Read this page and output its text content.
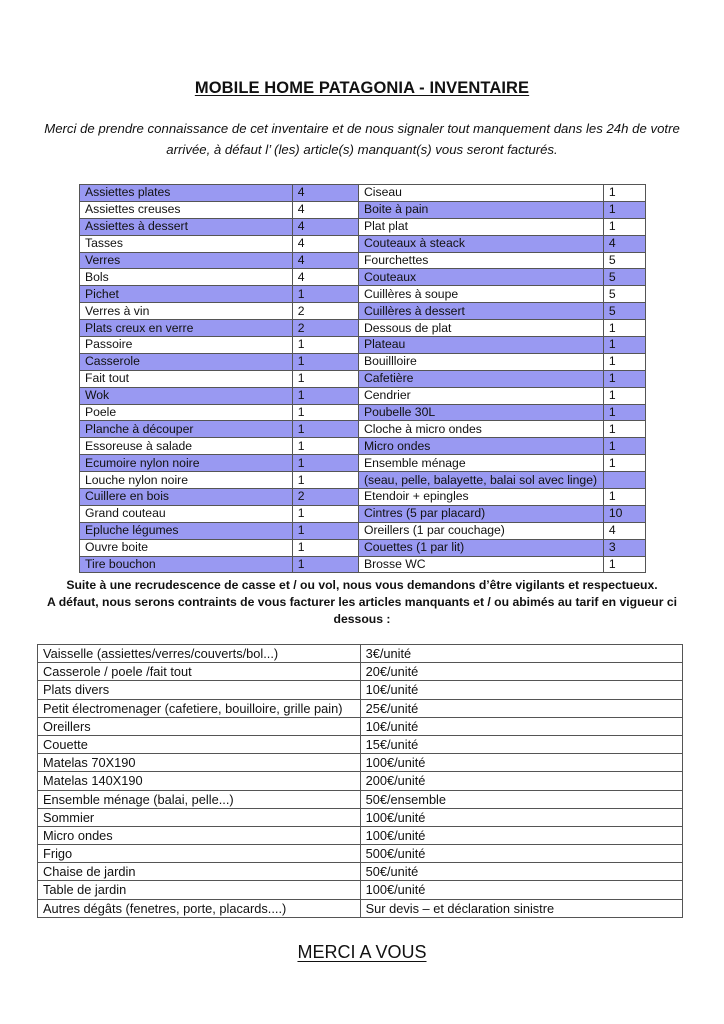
MOBILE HOME PATAGONIA - INVENTAIRE
Merci de prendre connaissance de cet inventaire et de nous signaler tout manquement dans les 24h de votre arrivée, à défaut l’ (les) article(s) manquant(s) vous seront facturés.
Assiettes plates	4	Ciseau	1
Assiettes creuses	4	Boite à pain	1
Assiettes à dessert	4	Plat plat	1
Tasses	4	Couteaux à steack	4
Verres	4	Fourchettes	5
Bols	4	Couteaux	5
Pichet	1	Cuillères à soupe	5
Verres à vin	2	Cuillères à dessert	5
Plats creux en verre	2	Dessous de plat	1
Passoire	1	Plateau	1
Casserole	1	Bouillloire	1
Fait tout	1	Cafetière	1
Wok	1	Cendrier	1
Poele	1	Poubelle 30L	1
Planche à découper	1	Cloche à micro ondes	1
Essoreuse à salade	1	Micro ondes	1
Ecumoire nylon noire	1	Ensemble ménage	1
Louche nylon noire	1	(seau, pelle, balayette, balai sol avec linge)	
Cuillere en bois	2	Etendoir + epingles	1
Grand couteau	1	Cintres (5 par placard)	10
Epluche légumes	1	Oreillers (1 par couchage)	4
Ouvre boite	1	Couettes (1 par lit)	3
Tire bouchon	1	Brosse WC	1
Suite à une recrudescence de casse et / ou vol, nous vous demandons d’être vigilants et respectueux.
A défaut, nous serons contraints de vous facturer les articles manquants et / ou abimés au tarif en vigueur ci dessous :
Vaisselle (assiettes/verres/couverts/bol...)	3€/unité
Casserole / poele /fait tout	20€/unité
Plats divers	10€/unité
Petit électromenager (cafetiere, bouilloire, grille pain)	25€/unité
Oreillers	10€/unité
Couette	15€/unité
Matelas 70X190	100€/unité
Matelas 140X190	200€/unité
Ensemble ménage (balai, pelle...)	50€/ensemble
Sommier	100€/unité
Micro ondes	100€/unité
Frigo	500€/unité
Chaise de jardin	50€/unité
Table de jardin	100€/unité
Autres dégâts (fenetres, porte, placards....)	Sur devis – et déclaration sinistre
MERCI A VOUS
